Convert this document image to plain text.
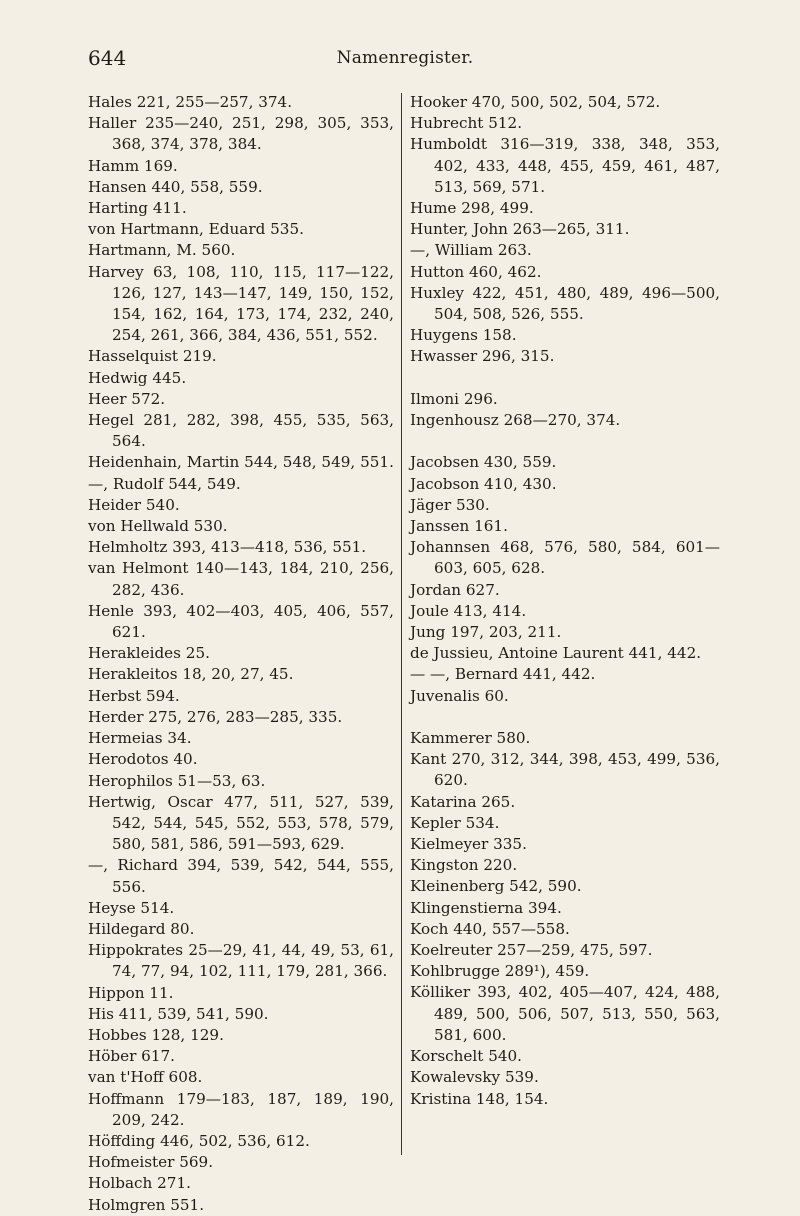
644	Namenregister.
Hales 221, 255—257, 374.
Haller 235—240, 251, 298, 305, 353, 368, 374, 378, 384.
Hamm 169.
Hansen 440, 558, 559.
Harting 411.
von Hartmann, Eduard 535.
Hartmann, M. 560.
Harvey 63, 108, 110, 115, 117—122, 126, 127, 143—147, 149, 150, 152, 154, 162, 164, 173, 174, 232, 240, 254, 261, 366, 384, 436, 551, 552.
Hasselquist 219.
Hedwig 445.
Heer 572.
Hegel 281, 282, 398, 455, 535, 563, 564.
Heidenhain, Martin 544, 548, 549, 551.
—, Rudolf 544, 549.
Heider 540.
von Hellwald 530.
Helmholtz 393, 413—418, 536, 551.
van Helmont 140—143, 184, 210, 256, 282, 436.
Henle 393, 402—403, 405, 406, 557, 621.
Herakleides 25.
Herakleitos 18, 20, 27, 45.
Herbst 594.
Herder 275, 276, 283—285, 335.
Hermeias 34.
Herodotos 40.
Herophilos 51—53, 63.
Hertwig, Oscar 477, 511, 527, 539, 542, 544, 545, 552, 553, 578, 579, 580, 581, 586, 591—593, 629.
—, Richard 394, 539, 542, 544, 555, 556.
Heyse 514.
Hildegard 80.
Hippokrates 25—29, 41, 44, 49, 53, 61, 74, 77, 94, 102, 111, 179, 281, 366.
Hippon 11.
His 411, 539, 541, 590.
Hobbes 128, 129.
Höber 617.
van t'Hoff 608.
Hoffmann 179—183, 187, 189, 190, 209, 242.
Höffding 446, 502, 536, 612.
Hofmeister 569.
Holbach 271.
Holmgren 551.
Hooker 470, 500, 502, 504, 572.
Hubrecht 512.
Humboldt 316—319, 338, 348, 353, 402, 433, 448, 455, 459, 461, 487, 513, 569, 571.
Hume 298, 499.
Hunter, John 263—265, 311.
—, William 263.
Hutton 460, 462.
Huxley 422, 451, 480, 489, 496—500, 504, 508, 526, 555.
Huygens 158.
Hwasser 296, 315.
Ilmoni 296.
Ingenhousz 268—270, 374.
Jacobsen 430, 559.
Jacobson 410, 430.
Jäger 530.
Janssen 161.
Johannsen 468, 576, 580, 584, 601—603, 605, 628.
Jordan 627.
Joule 413, 414.
Jung 197, 203, 211.
de Jussieu, Antoine Laurent 441, 442.
— —, Bernard 441, 442.
Juvenalis 60.
Kammerer 580.
Kant 270, 312, 344, 398, 453, 499, 536, 620.
Katarina 265.
Kepler 534.
Kielmeyer 335.
Kingston 220.
Kleinenberg 542, 590.
Klingenstierna 394.
Koch 440, 557—558.
Koelreuter 257—259, 475, 597.
Kohlbrugge 289¹), 459.
Kölliker 393, 402, 405—407, 424, 488, 489, 500, 506, 507, 513, 550, 563, 581, 600.
Korschelt 540.
Kowalevsky 539.
Kristina 148, 154.
